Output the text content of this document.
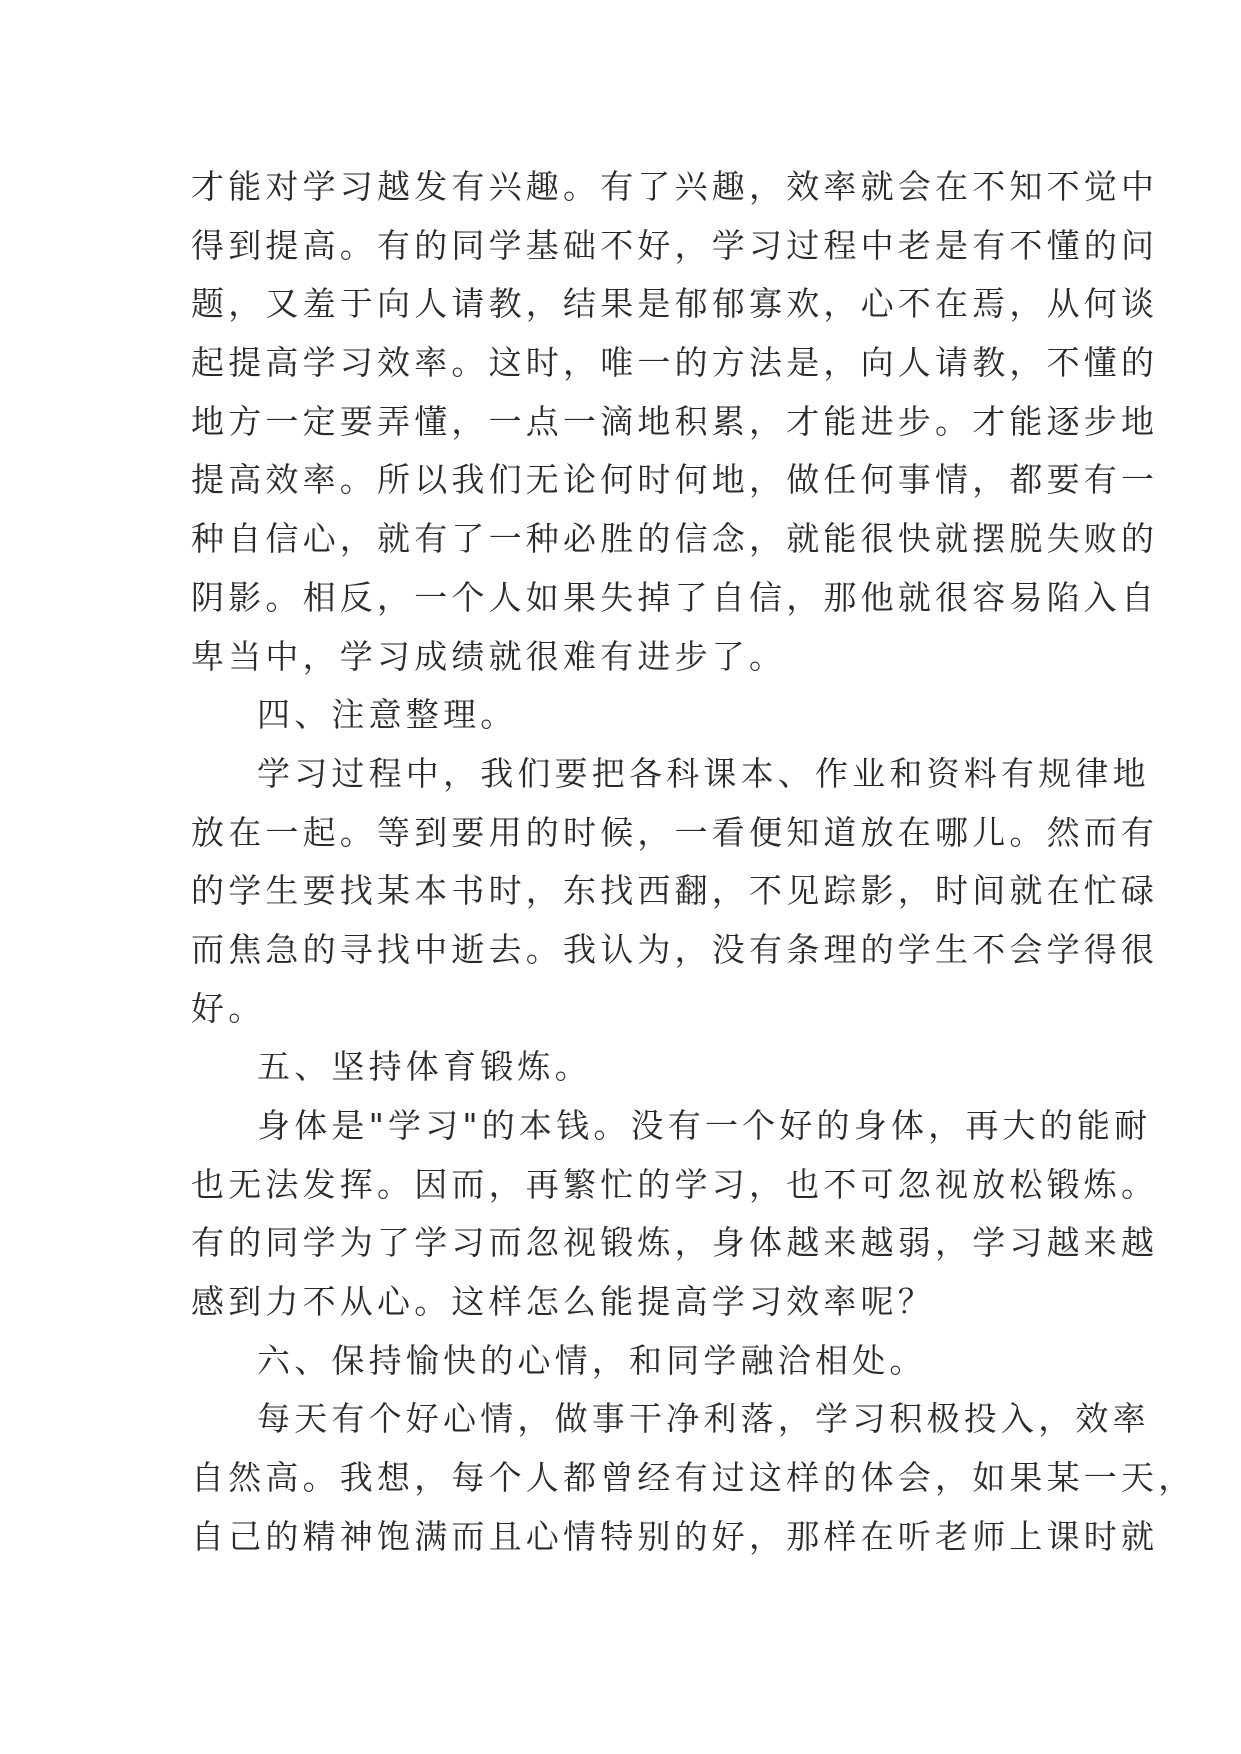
才能对学习越发有兴趣。有了兴趣，效率就会在不知不觉中
得到提高。有的同学基础不好，学习过程中老是有不懂的问
题，又羞于向人请教，结果是郁郁寡欢，心不在焉，从何谈
起提高学习效率。这时，唯一的方法是，向人请教，不懂的
地方一定要弄懂，一点一滴地积累，才能进步。才能逐步地
提高效率。所以我们无论何时何地，做任何事情，都要有一
种自信心，就有了一种必胜的信念，就能很快就摆脱失败的
阴影。相反，一个人如果失掉了自信，那他就很容易陷入自
卑当中，学习成绩就很难有进步了。
四、注意整理。
学习过程中，我们要把各科课本、作业和资料有规律地
放在一起。等到要用的时候，一看便知道放在哪儿。然而有
的学生要找某本书时，东找西翻，不见踪影，时间就在忙碌
而焦急的寻找中逝去。我认为，没有条理的学生不会学得很
好。
五、坚持体育锻炼。
身体是"学习"的本钱。没有一个好的身体，再大的能耐
也无法发挥。因而，再繁忙的学习，也不可忽视放松锻炼。
有的同学为了学习而忽视锻炼，身体越来越弱，学习越来越
感到力不从心。这样怎么能提高学习效率呢？
六、保持愉快的心情，和同学融洽相处。
每天有个好心情，做事干净利落，学习积极投入，效率
自然高。我想，每个人都曾经有过这样的体会，如果某一天，
自己的精神饱满而且心情特别的好，那样在听老师上课时就
